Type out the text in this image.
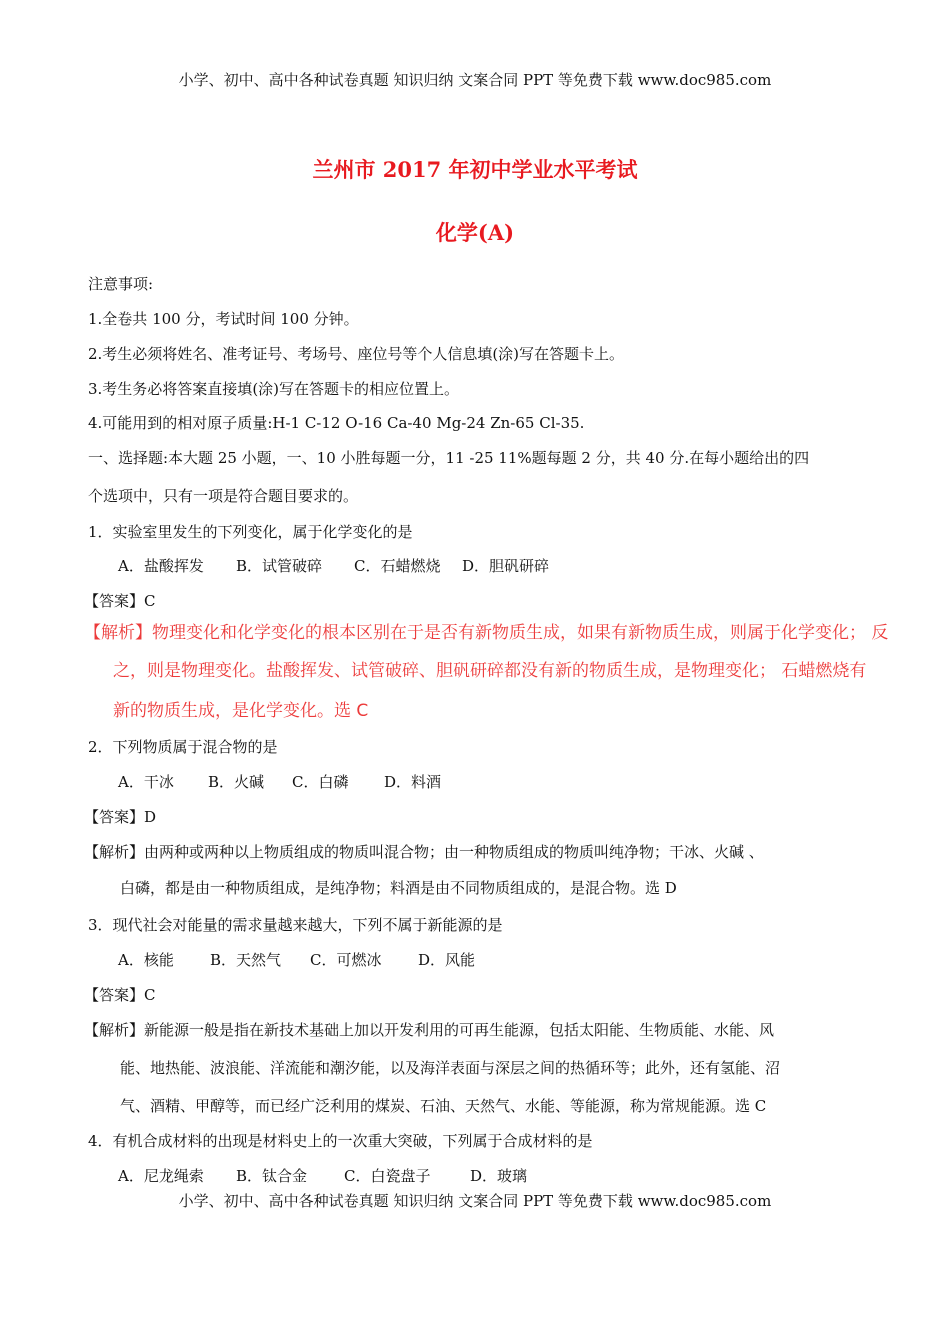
小学、初中、高中各种试卷真题 知识归纳 文案合同 PPT 等免费下载 www.doc985.com
兰州市 2017 年初中学业水平考试
化学(A)
注意事项:
1.全卷共 100 分，考试时间 100 分钟。
2.考生必须将姓名、准考证号、考场号、座位号等个人信息填(涂)写在答题卡上。
3.考生务必将答案直接填(涂)写在答题卡的相应位置上。
4.可能用到的相对原子质量:H-1 C-12 O-16 Ca-40 Mg-24 Zn-65 Cl-35.
一、选择题:本大题 25 小题，一、10 小胜每题一分，11 -25 11%题每题 2 分，共 40 分.在每小题给出的四
个选项中，只有一项是符合题目要求的。
1．实验室里发生的下列变化，属于化学变化的是
A．盐酸挥发 B．试管破碎 C．石蜡燃烧 D．胆矾研碎
【答案】C
【解析】物理变化和化学变化的根本区别在于是否有新物质生成，如果有新物质生成，则属于化学变化； 反
之，则是物理变化。盐酸挥发、试管破碎、胆矾研碎都没有新的物质生成，是物理变化； 石蜡燃烧有
新的物质生成，是化学变化。选 C
2．下列物质属于混合物的是
A．干冰 B．火碱 C．白磷 D．料酒
【答案】D
【解析】由两种或两种以上物质组成的物质叫混合物；由一种物质组成的物质叫纯净物；干冰、火碱 、
白磷，都是由一种物质组成，是纯净物；料酒是由不同物质组成的，是混合物。选 D
3．现代社会对能量的需求量越来越大，下列不属于新能源的是
A．核能 B．天然气 C．可燃冰 D．风能
【答案】C
【解析】新能源一般是指在新技术基础上加以开发利用的可再生能源，包括太阳能、生物质能、水能、风
能、地热能、波浪能、洋流能和潮汐能，以及海洋表面与深层之间的热循环等；此外，还有氢能、沼
气、酒精、甲醇等，而已经广泛利用的煤炭、石油、天然气、水能、等能源，称为常规能源。选 C
4．有机合成材料的出现是材料史上的一次重大突破，下列属于合成材料的是
A．尼龙绳索 B．钛合金 C．白瓷盘子	D．玻璃
小学、初中、高中各种试卷真题 知识归纳 文案合同 PPT 等免费下载 www.doc985.com
